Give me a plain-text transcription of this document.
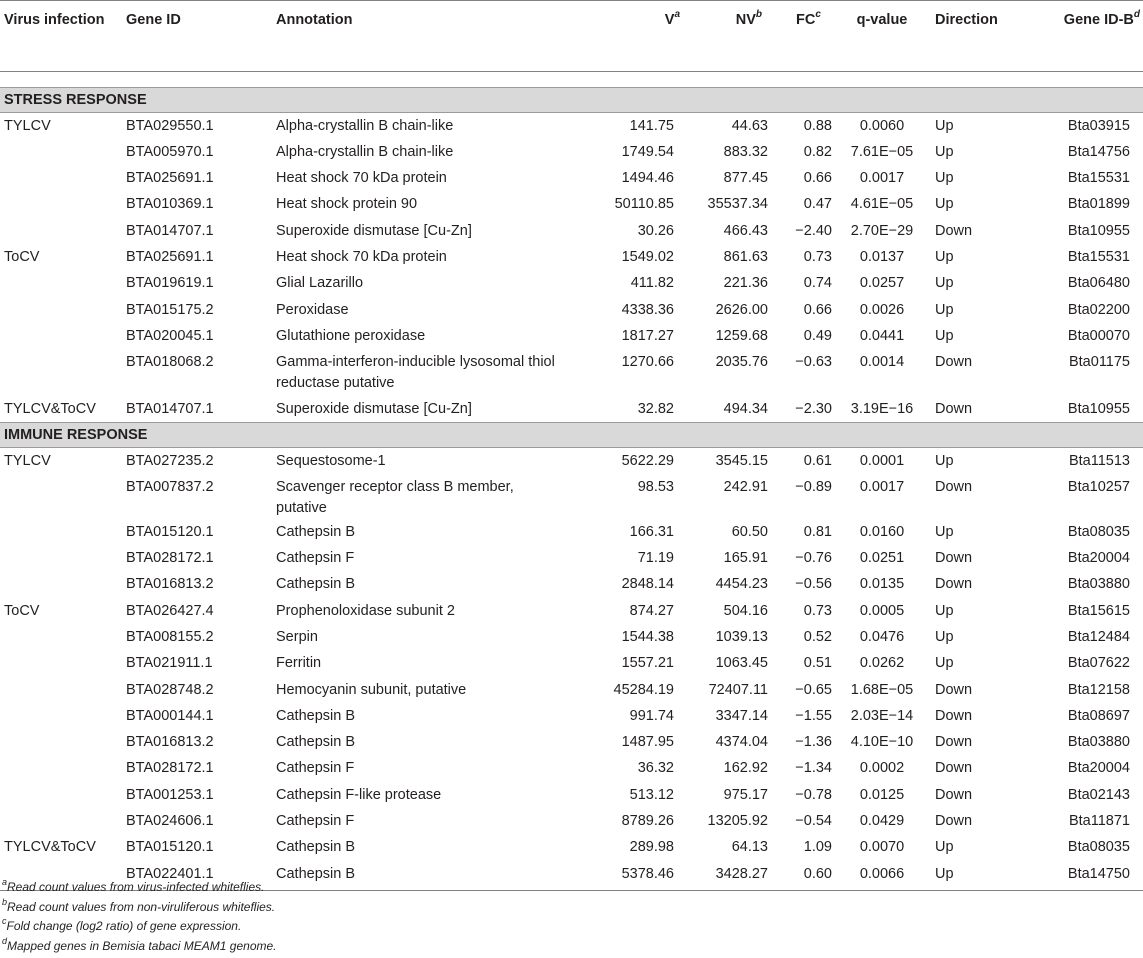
Virus infection	Gene ID	Annotation	$V^a$	$NV^b$	$FC^c$	q-value	Direction	Gene $ID-B^d$

STRESS RESPONSE								
TYLCV	BTA029550.1	Alpha-crystallin B chain-like	141.75	44.63	0.88	0.0060	Up	Bta03915
	BTA005970.1	Alpha-crystallin B chain-like	1749.54	883.32	0.82	7.61E−05	Up	Bta14756
	BTA025691.1	Heat shock 70 kDa protein	1494.46	877.45	0.66	0.0017	Up	Bta15531
	BTA010369.1	Heat shock protein 90	50110.85	35537.34	0.47	4.61E−05	Up	Bta01899
	BTA014707.1	Superoxide dismutase [Cu-Zn]	30.26	466.43	−2.40	2.70E−29	Down	Bta10955
ToCV	BTA025691.1	Heat shock 70 kDa protein	1549.02	861.63	0.73	0.0137	Up	Bta15531
	BTA019619.1	Glial Lazarillo	411.82	221.36	0.74	0.0257	Up	Bta06480
	BTA015175.2	Peroxidase	4338.36	2626.00	0.66	0.0026	Up	Bta02200
	BTA020045.1	Glutathione peroxidase	1817.27	1259.68	0.49	0.0441	Up	Bta00070
	BTA018068.2	Gamma-interferon-inducible lysosomal thiol reductase putative	1270.66	2035.76	−0.63	0.0014	Down	Bta01175
TYLCV&ToCV	BTA014707.1	Superoxide dismutase [Cu-Zn]	32.82	494.34	−2.30	3.19E−16	Down	Bta10955
IMMUNE RESPONSE								
TYLCV	BTA027235.2	Sequestosome-1	5622.29	3545.15	0.61	0.0001	Up	Bta11513
	BTA007837.2	Scavenger receptor class B member, putative	98.53	242.91	−0.89	0.0017	Down	Bta10257
	BTA015120.1	Cathepsin B	166.31	60.50	0.81	0.0160	Up	Bta08035
	BTA028172.1	Cathepsin F	71.19	165.91	−0.76	0.0251	Down	Bta20004
	BTA016813.2	Cathepsin B	2848.14	4454.23	−0.56	0.0135	Down	Bta03880
ToCV	BTA026427.4	Prophenoloxidase subunit 2	874.27	504.16	0.73	0.0005	Up	Bta15615
	BTA008155.2	Serpin	1544.38	1039.13	0.52	0.0476	Up	Bta12484
	BTA021911.1	Ferritin	1557.21	1063.45	0.51	0.0262	Up	Bta07622
	BTA028748.2	Hemocyanin subunit, putative	45284.19	72407.11	−0.65	1.68E−05	Down	Bta12158
	BTA000144.1	Cathepsin B	991.74	3347.14	−1.55	2.03E−14	Down	Bta08697
	BTA016813.2	Cathepsin B	1487.95	4374.04	−1.36	4.10E−10	Down	Bta03880
	BTA028172.1	Cathepsin F	36.32	162.92	−1.34	0.0002	Down	Bta20004
	BTA001253.1	Cathepsin F-like protease	513.12	975.17	−0.78	0.0125	Down	Bta02143
	BTA024606.1	Cathepsin F	8789.26	13205.92	−0.54	0.0429	Down	Bta11871
TYLCV&ToCV	BTA015120.1	Cathepsin B	289.98	64.13	1.09	0.0070	Up	Bta08035
	BTA022401.1	Cathepsin B	5378.46	3428.27	0.60	0.0066	Up	Bta14750
$^a$Read count values from virus-infected whiteflies.
$^b$Read count values from non-viruliferous whiteflies.
$^c$Fold change (log2 ratio) of gene expression.
$^d$Mapped genes in Bemisia tabaci MEAM1 genome.
